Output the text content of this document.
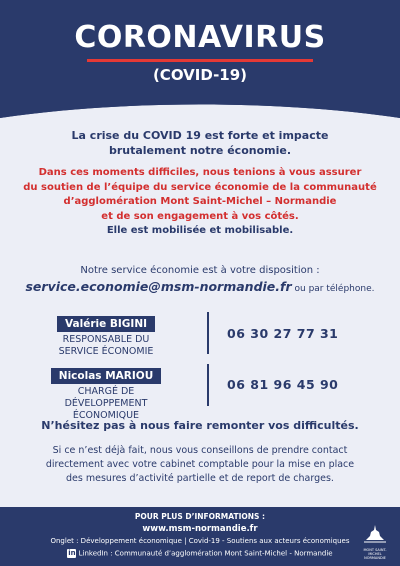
CORONAVIRUS
(COVID-19)
La crise du COVID 19 est forte et impacte
brutalement notre économie.
Dans ces moments difficiles, nous tenions à vous assurer
du soutien de l’équipe du service économie de la communauté
d’agglomération Mont Saint-Michel – Normandie
et de son engagement à vos côtés.
Elle est mobilisée et mobilisable.
Notre service économie est à votre disposition :
service.economie@msm-normandie.fr ou par téléphone.
Valérie BIGINI
RESPONSABLE DU
SERVICE ÉCONOMIE
06 30 27 77 31
Nicolas MARIOU
CHARGÉ DE DÉVELOPPEMENT
ÉCONOMIQUE
06 81 96 45 90
N’hésitez pas à nous faire remonter vos difficultés.
Si ce n’est déjà fait, nous vous conseillons de prendre contact
directement avec votre cabinet comptable pour la mise en place
des mesures d’activité partielle et de report de charges.
POUR PLUS D’INFORMATIONS :
www.msm-normandie.fr
Onglet : Développement économique | Covid-19 - Soutiens aux acteurs économiques
in LinkedIn : Communauté d’agglomération Mont Saint-Michel - Normandie	MONT SAINT-MICHEL
NORMANDIE
